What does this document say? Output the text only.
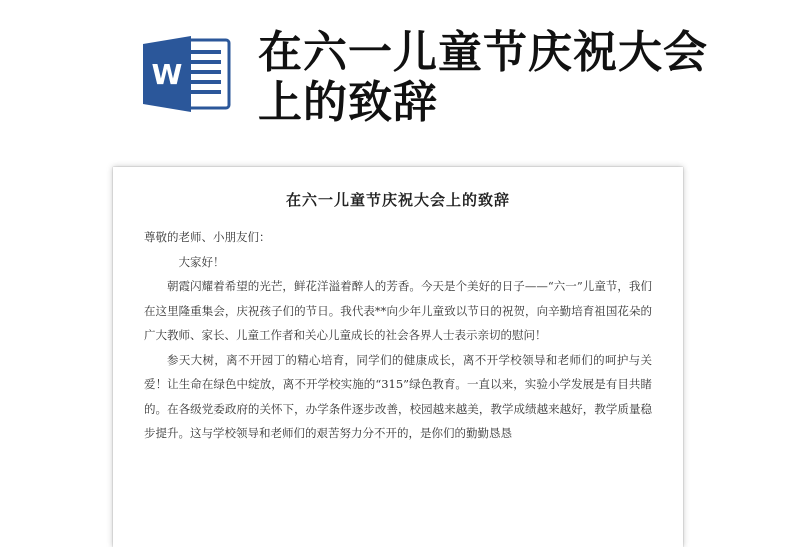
W 在六一儿童节庆祝大会上的致辞
在六一儿童节庆祝大会上的致辞

尊敬的老师、小朋友们：

大家好！

朝霞闪耀着希望的光芒，鲜花洋溢着醉人的芳香。今天是个美好的日子——“六一”儿童节，我们在这里隆重集会，庆祝孩子们的节日。我代表**向少年儿童致以节日的祝贺，向辛勤培育祖国花朵的广大教师、家长、儿童工作者和关心儿童成长的社会各界人士表示亲切的慰问！

参天大树，离不开园丁的精心培育，同学们的健康成长，离不开学校领导和老师们的呵护与关爱！让生命在绿色中绽放，离不开学校实施的“315”绿色教育。一直以来，实验小学发展是有目共睹的。在各级党委政府的关怀下，办学条件逐步改善，校园越来越美，教学成绩越来越好，教学质量稳步提升。这与学校领导和老师们的艰苦努力分不开的，是你们的勤勤恳恳
